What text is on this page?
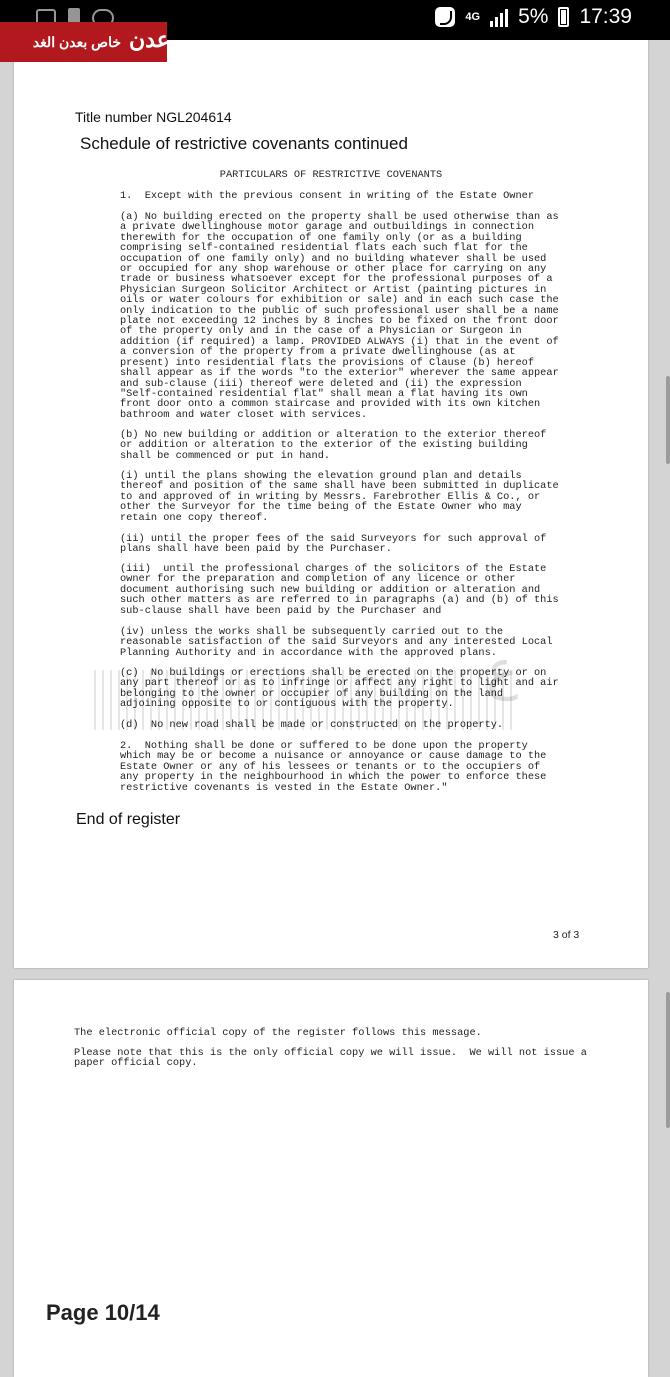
4G 5% 17:39
Title number NGL204614
Schedule of restrictive covenants continued
PARTICULARS OF RESTRICTIVE COVENANTS
1.  Except with the previous consent in writing of the Estate Owner
(a) No building erected on the property shall be used otherwise than as
a private dwellinghouse motor garage and outbuildings in connection
therewith for the occupation of one family only (or as a building
comprising self-contained residential flats each such flat for the
occupation of one family only) and no building whatever shall be used
or occupied for any shop warehouse or other place for carrying on any
trade or business whatsoever except for the professional purposes of a
Physician Surgeon Solicitor Architect or Artist (painting pictures in
oils or water colours for exhibition or sale) and in each such case the
only indication to the public of such professional user shall be a name
plate not exceeding 12 inches by 8 inches to be fixed on the front door
of the property only and in the case of a Physician or Surgeon in
addition (if required) a lamp. PROVIDED ALWAYS (i) that in the event of
a conversion of the property from a private dwellinghouse (as at
present) into residential flats the provisions of Clause (b) hereof
shall appear as if the words "to the exterior" wherever the same appear
and sub-clause (iii) thereof were deleted and (ii) the expression
"Self-contained residential flat" shall mean a flat having its own
front door onto a common staircase and provided with its own kitchen
bathroom and water closet with services.
(b) No new building or addition or alteration to the exterior thereof
or addition or alteration to the exterior of the existing building
shall be commenced or put in hand.
(i) until the plans showing the elevation ground plan and details
thereof and position of the same shall have been submitted in duplicate
to and approved of in writing by Messrs. Farebrother Ellis & Co., or
other the Surveyor for the time being of the Estate Owner who may
retain one copy thereof.
(ii) until the proper fees of the said Surveyors for such approval of
plans shall have been paid by the Purchaser.
(iii)  until the professional charges of the solicitors of the Estate
owner for the preparation and completion of any licence or other
document authorising such new building or addition or alteration and
such other matters as are referred to in paragraphs (a) and (b) of this
sub-clause shall have been paid by the Purchaser and
(iv) unless the works shall be subsequently carried out to the
reasonable satisfaction of the said Surveyors and any interested Local
Planning Authority and in accordance with the approved plans.
(c)  No buildings or erections shall be erected on the property or on
any part thereof or as to infringe or affect any right to light and air
belonging to the owner or occupier of any building on the land
adjoining opposite to or contiguous with the property.
(d)  No new road shall be made or constructed on the property.
2.  Nothing shall be done or suffered to be done upon the property
which may be or become a nuisance or annoyance or cause damage to the
Estate Owner or any of his lessees or tenants or to the occupiers of
any property in the neighbourhood in which the power to enforce these
restrictive covenants is vested in the Estate Owner."
ع
End of register
3 of 3
The electronic official copy of the register follows this message.
Please note that this is the only official copy we will issue.  We will not issue a
paper official copy.
خاص بعدن الغد عدن
Page 10/14
